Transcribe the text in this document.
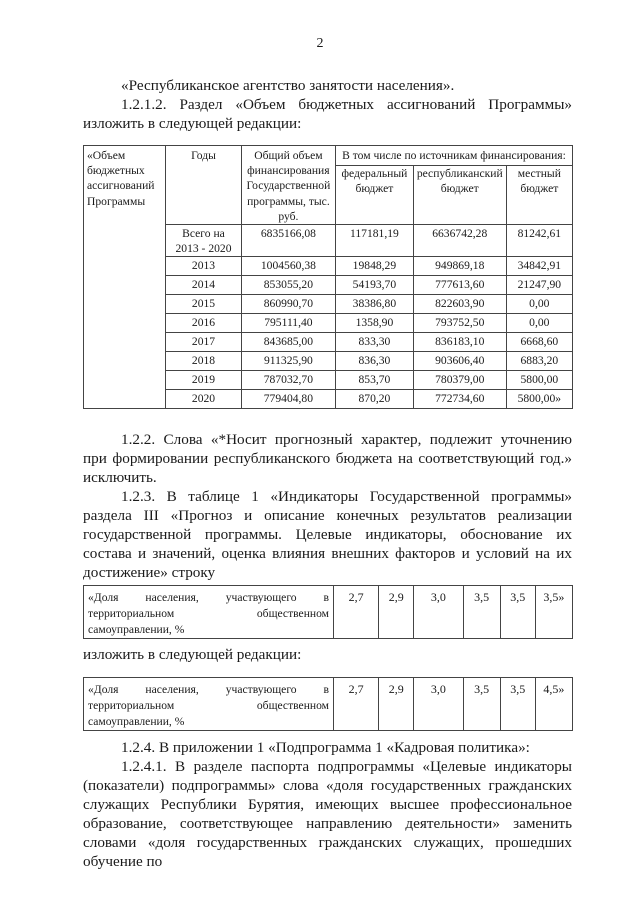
2
«Республиканское агентство занятости населения».
1.2.1.2. Раздел «Объем бюджетных ассигнований Программы» изложить в следующей редакции:
«Объем бюджетных ассигнований Программы	Годы	Общий объем финансирования Государственной программы, тыс. руб.	В том числе по источникам финансирования:		
			федеральный бюджет	республиканский бюджет	местный бюджет
	Всего на 2013 - 2020	6835166,08	117181,19	6636742,28	81242,61
	2013	1004560,38	19848,29	949869,18	34842,91
	2014	853055,20	54193,70	777613,60	21247,90
	2015	860990,70	38386,80	822603,90	0,00
	2016	795111,40	1358,90	793752,50	0,00
	2017	843685,00	833,30	836183,10	6668,60
	2018	911325,90	836,30	903606,40	6883,20
	2019	787032,70	853,70	780379,00	5800,00
	2020	779404,80	870,20	772734,60	5800,00»
1.2.2. Слова «*Носит прогнозный характер, подлежит уточнению при формировании республиканского бюджета на соответствующий год.» исключить.
1.2.3. В таблице 1 «Индикаторы Государственной программы» раздела III «Прогноз и описание конечных результатов реализации государственной программы. Целевые индикаторы, обоснование их состава и значений, оценка влияния внешних факторов и условий на их достижение» строку
«Доля населения, участвующего в территориальном общественном самоуправлении, %	2,7	2,9	3,0	3,5	3,5	3,5»
изложить в следующей редакции:
«Доля населения, участвующего в территориальном общественном самоуправлении, %	2,7	2,9	3,0	3,5	3,5	4,5»
1.2.4. В приложении 1 «Подпрограмма 1 «Кадровая политика»:
1.2.4.1. В разделе паспорта подпрограммы «Целевые индикаторы (показатели) подпрограммы» слова «доля государственных гражданских служащих Республики Бурятия, имеющих высшее профессиональное образование, соответствующее направлению деятельности» заменить словами «доля государственных гражданских служащих, прошедших обучение по
